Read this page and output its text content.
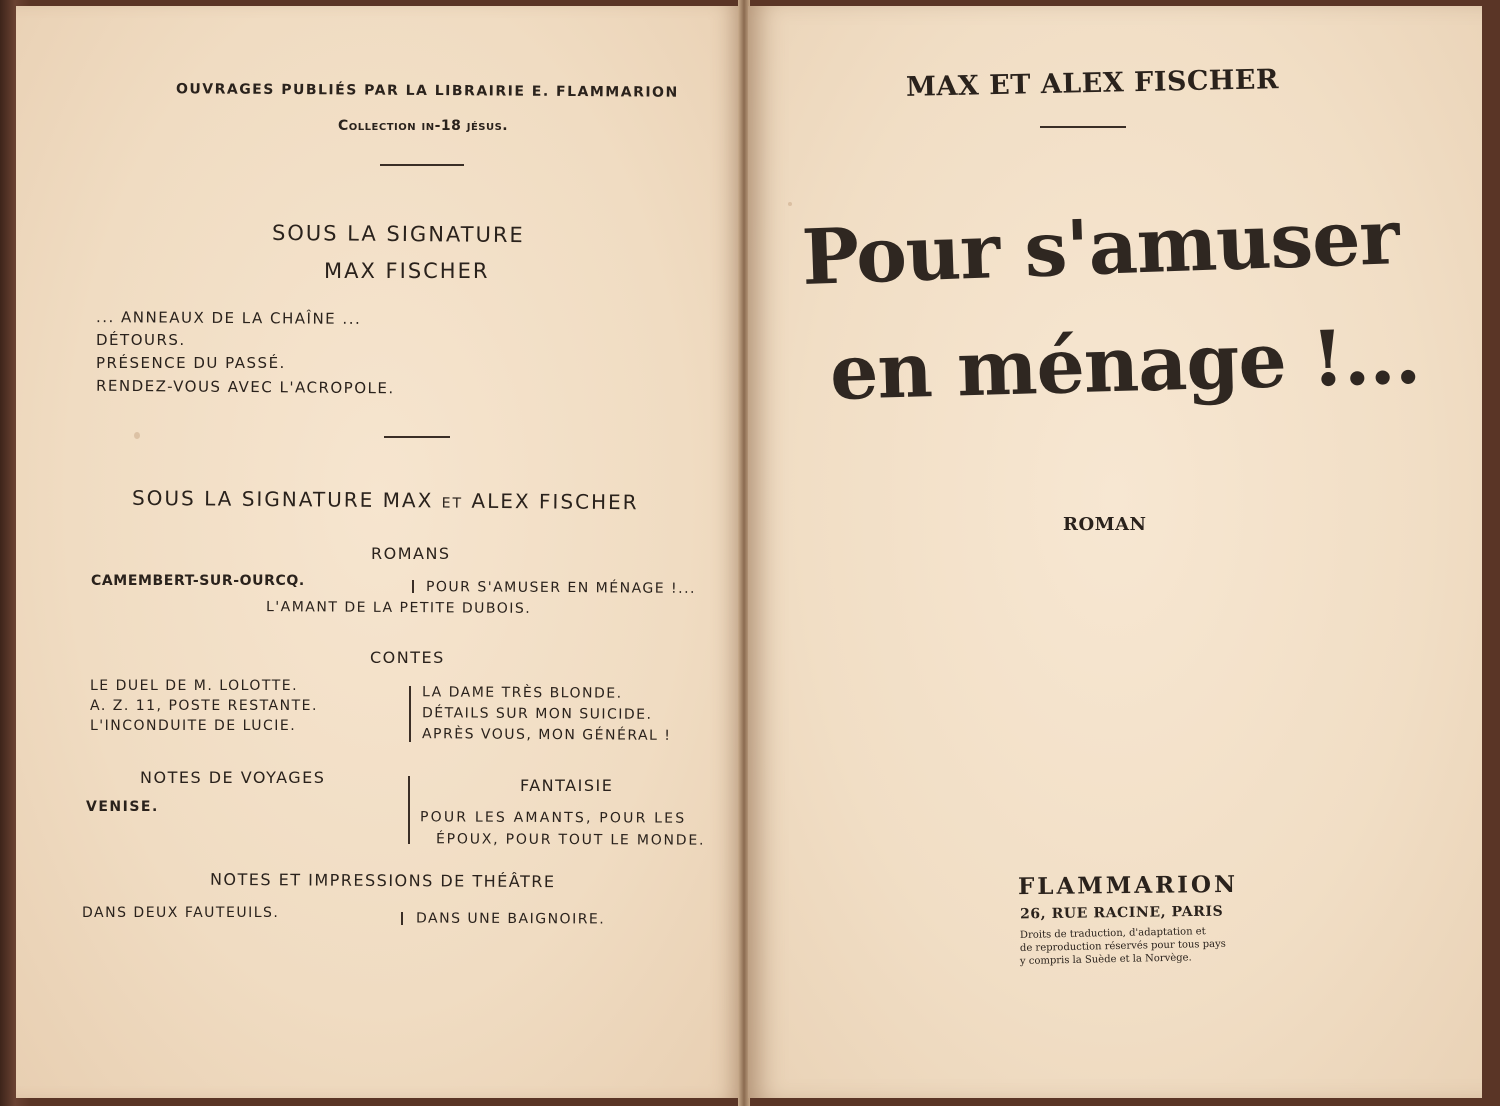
OUVRAGES PUBLIÉS PAR LA LIBRAIRIE E. FLAMMARION
Collection in-18 jésus.
SOUS LA SIGNATURE
MAX FISCHER
... ANNEAUX DE LA CHAÎNE ...
DÉTOURS.
PRÉSENCE DU PASSÉ.
RENDEZ-VOUS AVEC L'ACROPOLE.
SOUS LA SIGNATURE MAX ET ALEX FISCHER
ROMANS
CAMEMBERT-SUR-OURCQ.	POUR S'AMUSER EN MÉNAGE !...
L'AMANT DE LA PETITE DUBOIS.
CONTES
LE DUEL DE M. LOLOTTE.
A. Z. 11, POSTE RESTANTE.
L'INCONDUITE DE LUCIE.
LA DAME TRÈS BLONDE.
DÉTAILS SUR MON SUICIDE.
APRÈS VOUS, MON GÉNÉRAL !
NOTES DE VOYAGES
VENISE.
FANTAISIE
POUR LES AMANTS, POUR LES
ÉPOUX, POUR TOUT LE MONDE.
NOTES ET IMPRESSIONS DE THÉÂTRE
DANS DEUX FAUTEUILS.	DANS UNE BAIGNOIRE.
MAX ET ALEX FISCHER
Pour s'amuser
en ménage !...
ROMAN
FLAMMARION
26, RUE RACINE, PARIS
Droits de traduction, d'adaptation et
de reproduction réservés pour tous pays
y compris la Suède et la Norvège.
